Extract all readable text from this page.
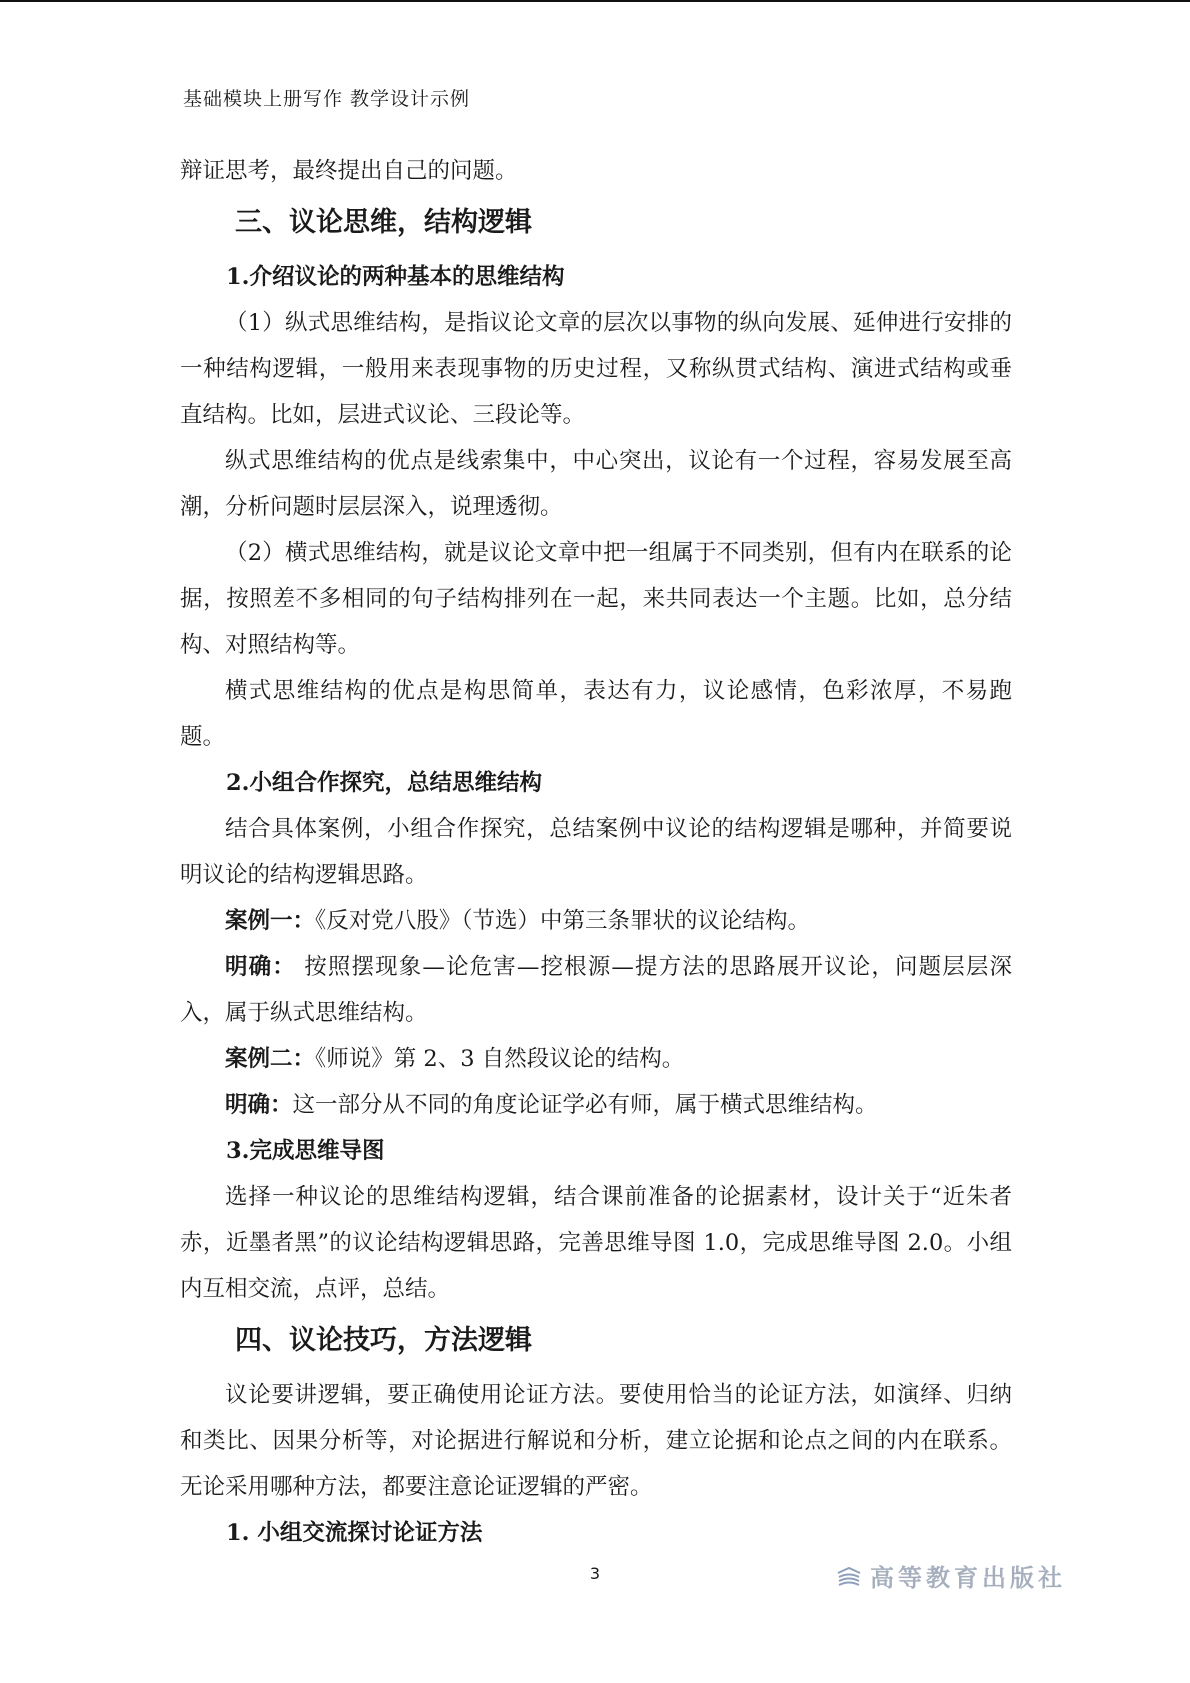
基础模块上册写作 教学设计示例

辩证思考，最终提出自己的问题。

三、议论思维，结构逻辑
1.介绍议论的两种基本的思维结构

（1）纵式思维结构，是指议论文章的层次以事物的纵向发展、延伸进行安排的一种结构逻辑，一般用来表现事物的历史过程，又称纵贯式结构、演进式结构或垂直结构。比如，层进式议论、三段论等。

纵式思维结构的优点是线索集中，中心突出，议论有一个过程，容易发展至高潮，分析问题时层层深入，说理透彻。

（2）横式思维结构，就是议论文章中把一组属于不同类别，但有内在联系的论据，按照差不多相同的句子结构排列在一起，来共同表达一个主题。比如，总分结构、对照结构等。

横式思维结构的优点是构思简单，表达有力，议论感情，色彩浓厚，不易跑题。

2.小组合作探究，总结思维结构

结合具体案例，小组合作探究，总结案例中议论的结构逻辑是哪种，并简要说明议论的结构逻辑思路。

案例一：《反对党八股》（节选）中第三条罪状的议论结构。

明确： 按照摆现象—论危害—挖根源—提方法的思路展开议论，问题层层深入，属于纵式思维结构。

案例二：《师说》第 2、3 自然段议论的结构。

明确：这一部分从不同的角度论证学必有师，属于横式思维结构。

3.完成思维导图

选择一种议论的思维结构逻辑，结合课前准备的论据素材，设计关于“近朱者赤，近墨者黑”的议论结构逻辑思路，完善思维导图 1.0，完成思维导图 2.0。小组内互相交流，点评，总结。

四、议论技巧，方法逻辑

议论要讲逻辑，要正确使用论证方法。要使用恰当的论证方法，如演绎、归纳和类比、因果分析等，对论据进行解说和分析，建立论据和论点之间的内在联系。无论采用哪种方法，都要注意论证逻辑的严密。

1. 小组交流探讨论证方法
3	高等教育出版社
